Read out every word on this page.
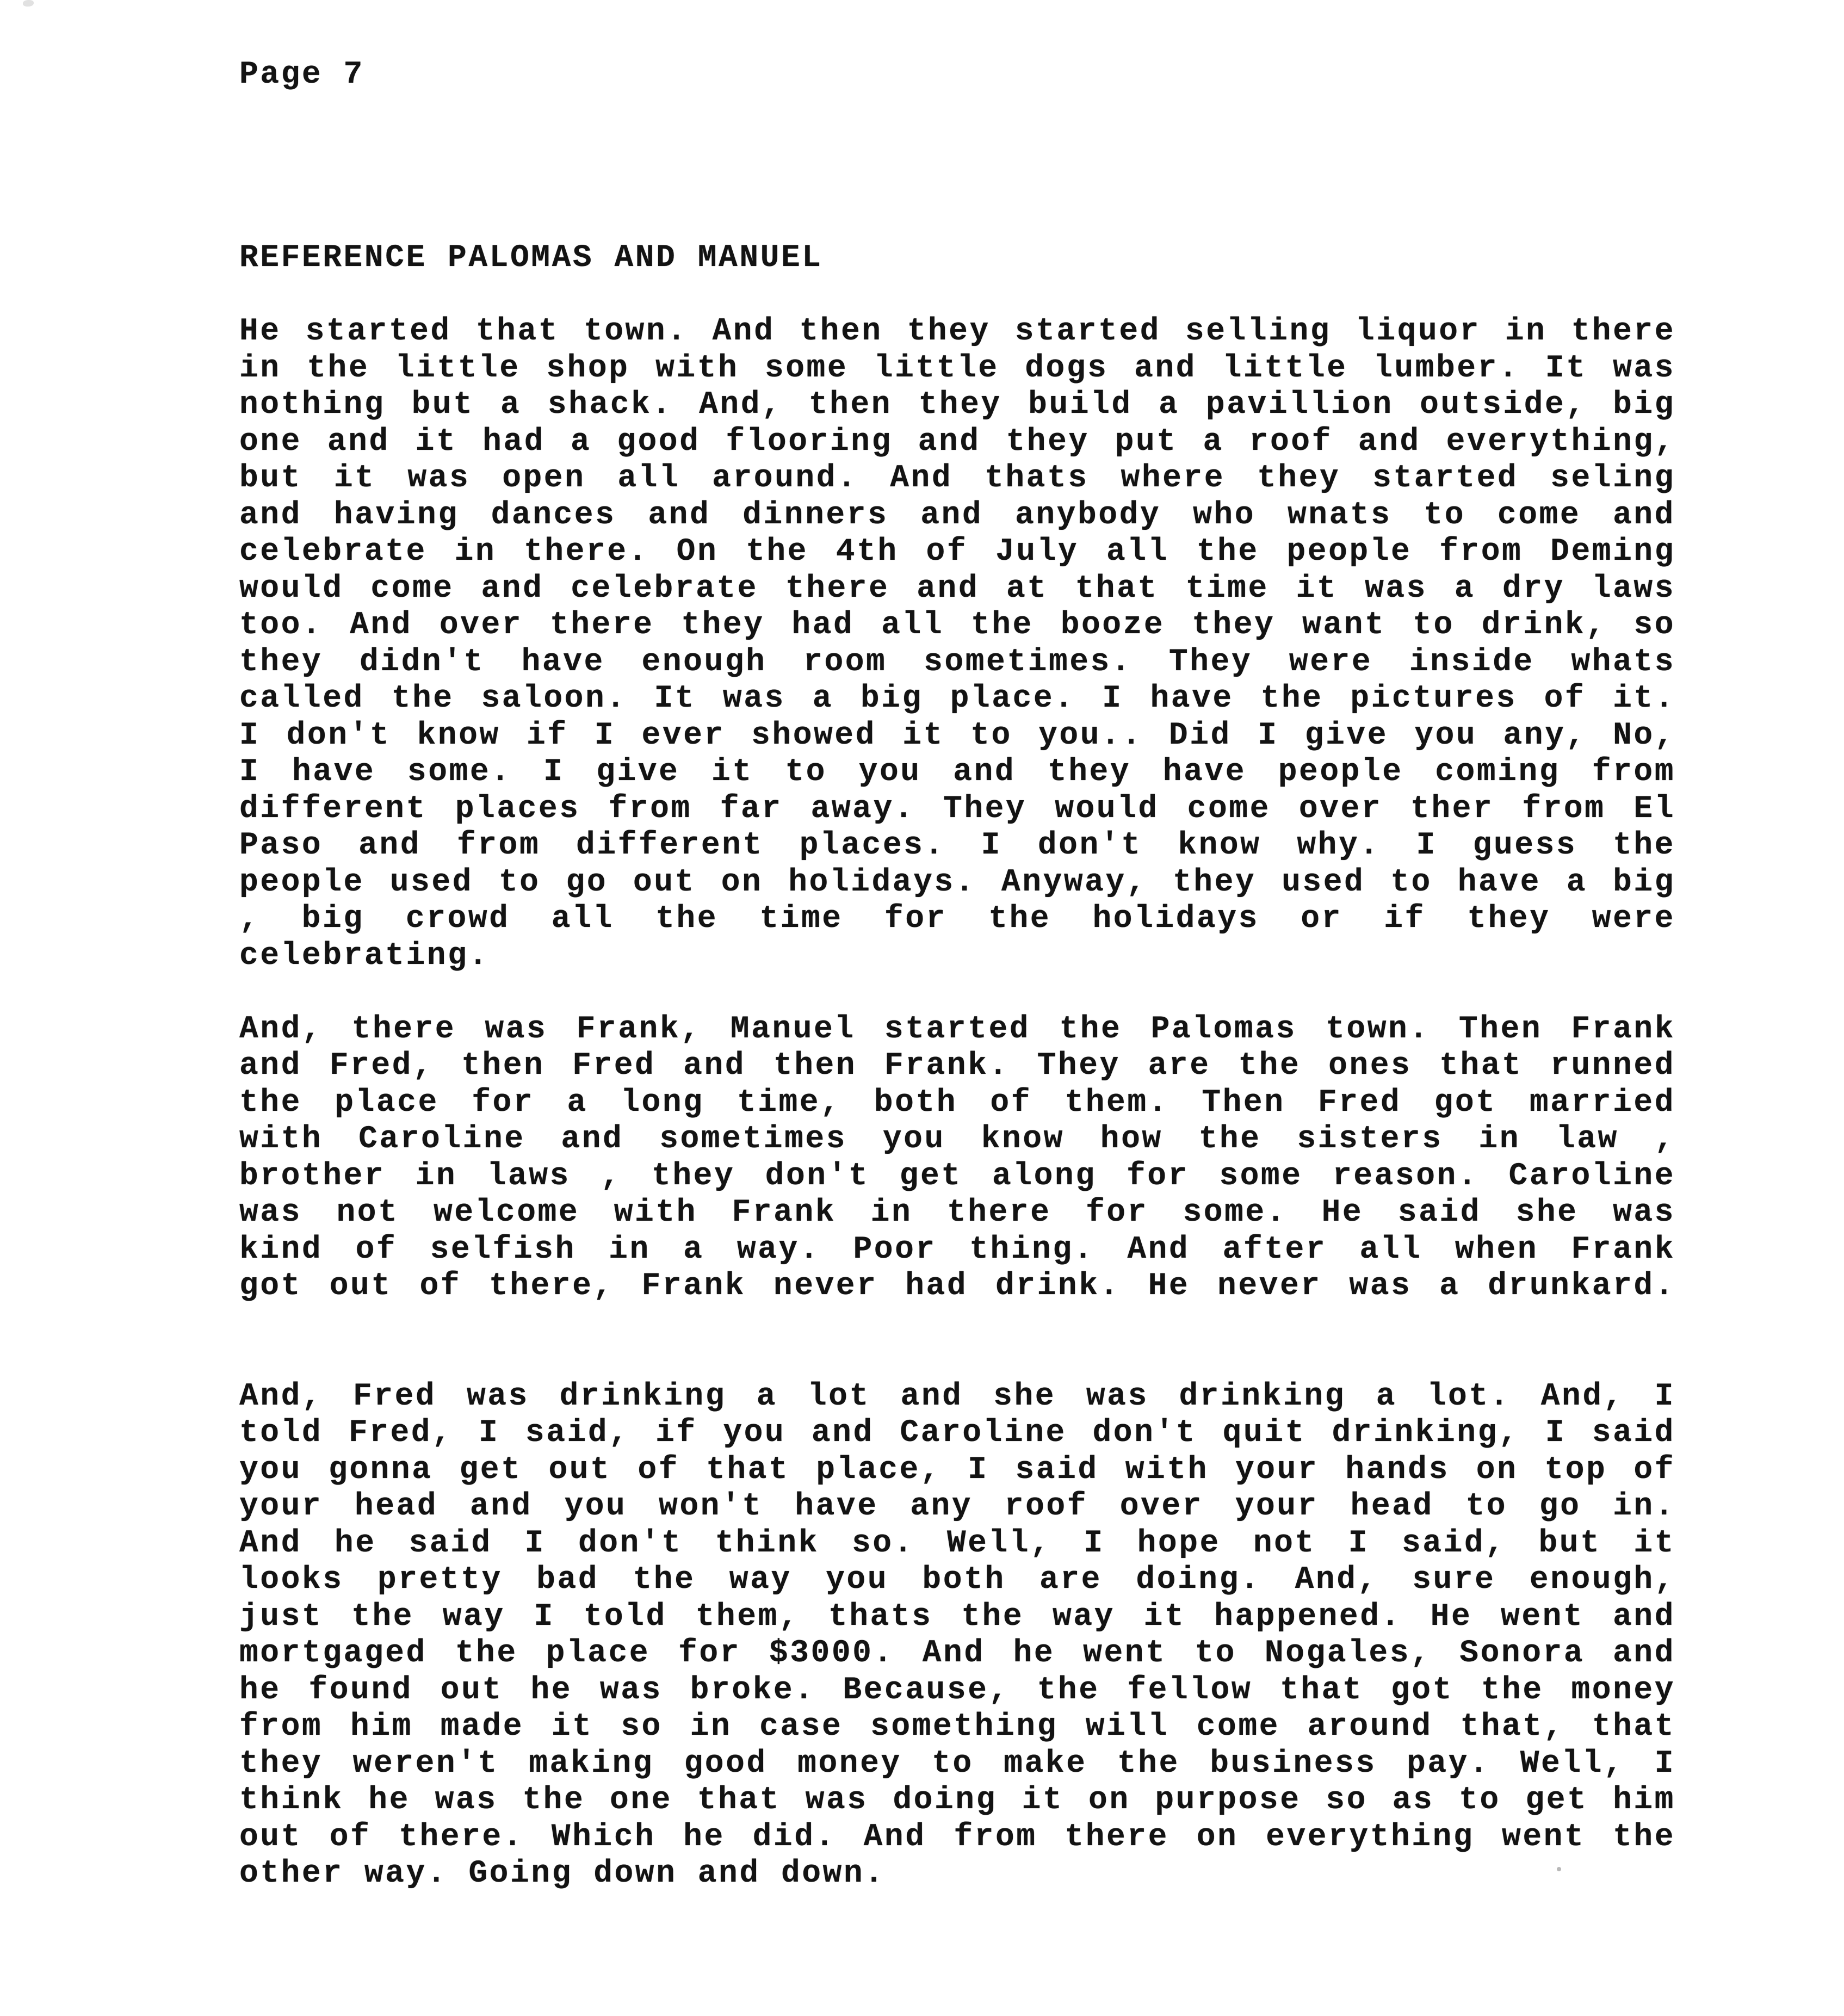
Page 7
REFERENCE PALOMAS AND MANUEL
He started that town. And then they started selling liquor in there
in the little shop with some little dogs and little lumber. It was
nothing but a shack. And, then they build a pavillion outside, big
one and it had a good flooring and they put a roof and everything,
but it was open all around. And thats where they started seling
and having dances and dinners and anybody who wnats to come and
celebrate in there. On the 4th of July all the people from Deming
would come and celebrate there and at that time it was a dry laws
too. And over there they had all the booze they want to drink, so
they didn't have enough room sometimes. They were inside whats
called the saloon. It was a big place. I have the pictures of it.
I don't know if I ever showed it to you.. Did I give you any, No,
I have some. I give it to you and they have people coming from
different places from far away. They would come over ther from El
Paso and from different places. I don't know why. I guess the
people used to go out on holidays. Anyway, they used to have a big
, big crowd all the time for the holidays or if they were
celebrating.
And, there was Frank, Manuel started the Palomas town. Then Frank
and Fred, then Fred and then Frank. They are the ones that runned
the place for a long time, both of them. Then Fred got married
with Caroline and sometimes you know how the sisters in law ,
brother in laws , they don't get along for some reason. Caroline
was not welcome with Frank in there for some. He said she was
kind of selfish in a way. Poor thing. And after all when Frank
got out of there, Frank never had drink. He never was a drunkard.
And, Fred was drinking a lot and she was drinking a lot. And, I
told Fred, I said, if you and Caroline don't quit drinking, I said
you gonna get out of that place, I said with your hands on top of
your head and you won't have any roof over your head to go in.
And he said I don't think so. Well, I hope not I said, but it
looks pretty bad the way you both are doing. And, sure enough,
just the way I told them, thats the way it happened. He went and
mortgaged the place for $3000. And he went to Nogales, Sonora and
he found out he was broke. Because, the fellow that got the money
from him made it so in case something will come around that, that
they weren't making good money to make the business pay. Well, I
think he was the one that was doing it on purpose so as to get him
out of there. Which he did. And from there on everything went the
other way. Going down and down.
